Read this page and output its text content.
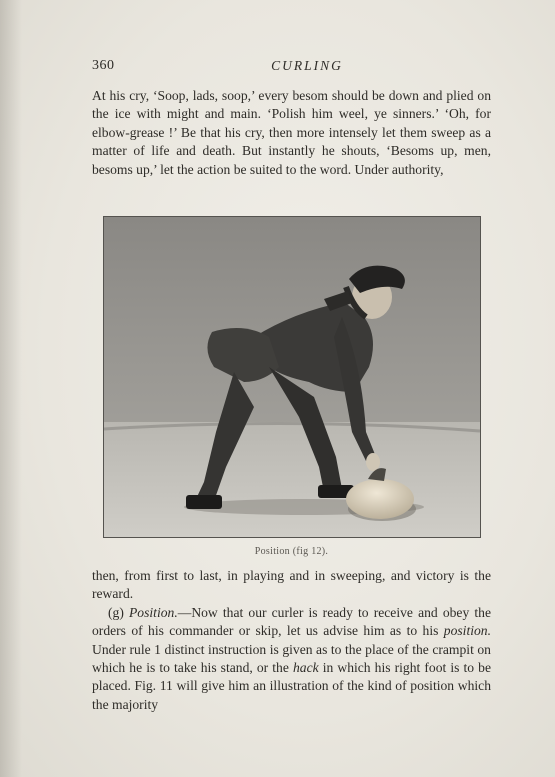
360	CURLING

At his cry, ‘Soop, lads, soop,’ every besom should be down and plied on the ice with might and main. ‘Polish him weel, ye sinners.’ ‘Oh, for elbow-grease !’ Be that his cry, then more intensely let them sweep as a matter of life and death. But instantly he shouts, ‘Besoms up, men, besoms up,’ let the action be suited to the word. Under authority,

Position (fig 12).

then, from first to last, in playing and in sweeping, and victory is the reward.

(g) Position.—Now that our curler is ready to receive and obey the orders of his commander or skip, let us advise him as to his position. Under rule 1 distinct instruction is given as to the place of the crampit on which he is to take his stand, or the hack in which his right foot is to be placed. Fig. 11 will give him an illustration of the kind of position which the majority
